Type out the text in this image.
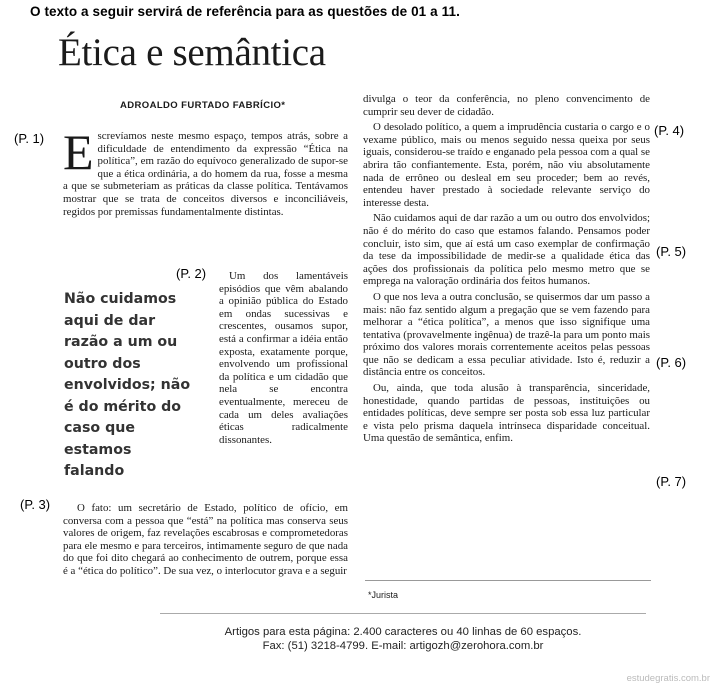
O texto a seguir servirá de referência para as questões de 01 a 11.
Ética e semântica
ADROALDO FURTADO FABRÍCIO*
(P. 1)
(P. 2)
(P. 3)
(P. 4)
(P. 5)
(P. 6)
(P. 7)
Escrevíamos neste mesmo espaço, tempos atrás, sobre a dificuldade de entendimento da expressão “Ética na política”, em razão do equívoco generalizado de supor-se que a ética ordinária, a do homem da rua, fosse a mesma a que se submeteriam as práticas da classe política. Tentávamos mostrar que se trata de conceitos diversos e inconciliáveis, regidos por premissas fundamentalmente distintas.
Não cuidamos aqui de dar razão a um ou outro dos envolvidos; não é do mérito do caso que estamos falando
Um dos lamentáveis episódios que vêm abalando a opinião pública do Estado em ondas sucessivas e crescentes, ousamos supor, está a confirmar a idéia então exposta, exatamente porque, envolvendo um profissional da política e um cidadão que nela se encontra eventualmente, mereceu de cada um deles avaliações éticas radicalmente dissonantes.
O fato: um secretário de Estado, político de ofício, em conversa com a pessoa que “está” na política mas conserva seus valores de origem, faz revelações escabrosas e comprometedoras para ele mesmo e para terceiros, intimamente seguro de que nada do que foi dito chegará ao conhecimento de outrem, porque essa é a “ética do político”. De sua vez, o interlocutor grava e a seguir

divulga o teor da conferência, no pleno convencimento de cumprir seu dever de cidadão.

O desolado político, a quem a imprudência custaria o cargo e o vexame público, mais ou menos seguido nessa queixa por seus iguais, considerou-se traído e enganado pela pessoa com a qual se abrira tão confiantemente. Esta, porém, não viu absolutamente nada de errôneo ou desleal em seu proceder; bem ao revés, entendeu haver prestado à sociedade relevante serviço do interesse desta.

Não cuidamos aqui de dar razão a um ou outro dos envolvidos; não é do mérito do caso que estamos falando. Pensamos poder concluir, isto sim, que aí está um caso exemplar de confirmação da tese da impossibilidade de medir-se a qualidade ética das ações dos profissionais da política pelo mesmo metro que se emprega na valoração ordinária dos feitos humanos.

O que nos leva a outra conclusão, se quisermos dar um passo a mais: não faz sentido algum a pregação que se vem fazendo para melhorar a “ética política”, a menos que isso signifique uma tentativa (provavelmente ingênua) de trazê-la para um ponto mais próximo dos valores morais correntemente aceitos pelas pessoas que não se dedicam a essa peculiar atividade. Isto é, reduzir a distância entre os conceitos.

Ou, ainda, que toda alusão à transparência, sinceridade, honestidade, quando partidas de pessoas, instituições ou entidades políticas, deve sempre ser posta sob essa luz particular e vista pelo prisma daquela intrínseca disparidade conceitual. Uma questão de semântica, enfim.

*Jurista
Artigos para esta página: 2.400 caracteres ou 40 linhas de 60 espaços.
Fax: (51) 3218-4799. E-mail: artigozh@zerohora.com.br
estudegratis.com.br
